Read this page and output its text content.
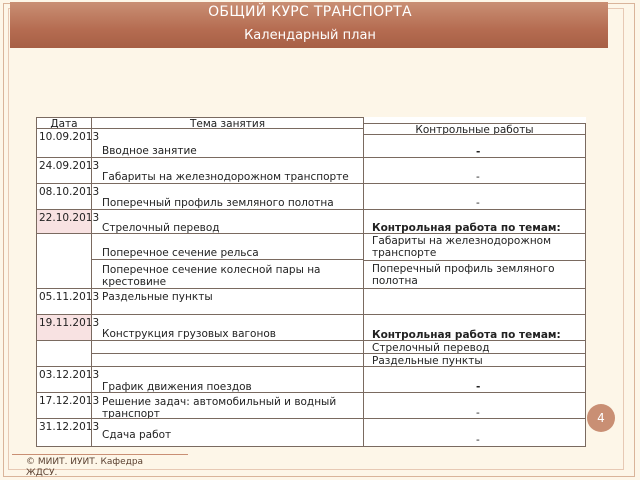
ОБЩИЙ КУРС ТРАНСПОРТА
Календарный план
Дата	Тема занятия	Контрольные работы
10.09.2013
24.09.2013
08.10.2013
22.10.2013
05.11.2013
19.11.2013
03.12.2013
17.12.2013
31.12.2013
Вводное занятие
Габариты на железнодорожном транспорте
Поперечный профиль земляного полотна
Стрелочный перевод
Поперечное сечение рельса
Поперечное сечение колесной пары на крестовине
Раздельные пункты
Конструкция грузовых вагонов
График движения поездов
Решение задач: автомобильный и водный транспорт
Сдача работ
-
-
-
Контрольная работа по темам:
Габариты на железнодорожном транспорте
Поперечный профиль земляного полотна
Контрольная работа по темам:
Стрелочный перевод
Раздельные пункты
-
-
-
4
© МИИТ. ИУИТ. Кафедра ЖДСУ.
